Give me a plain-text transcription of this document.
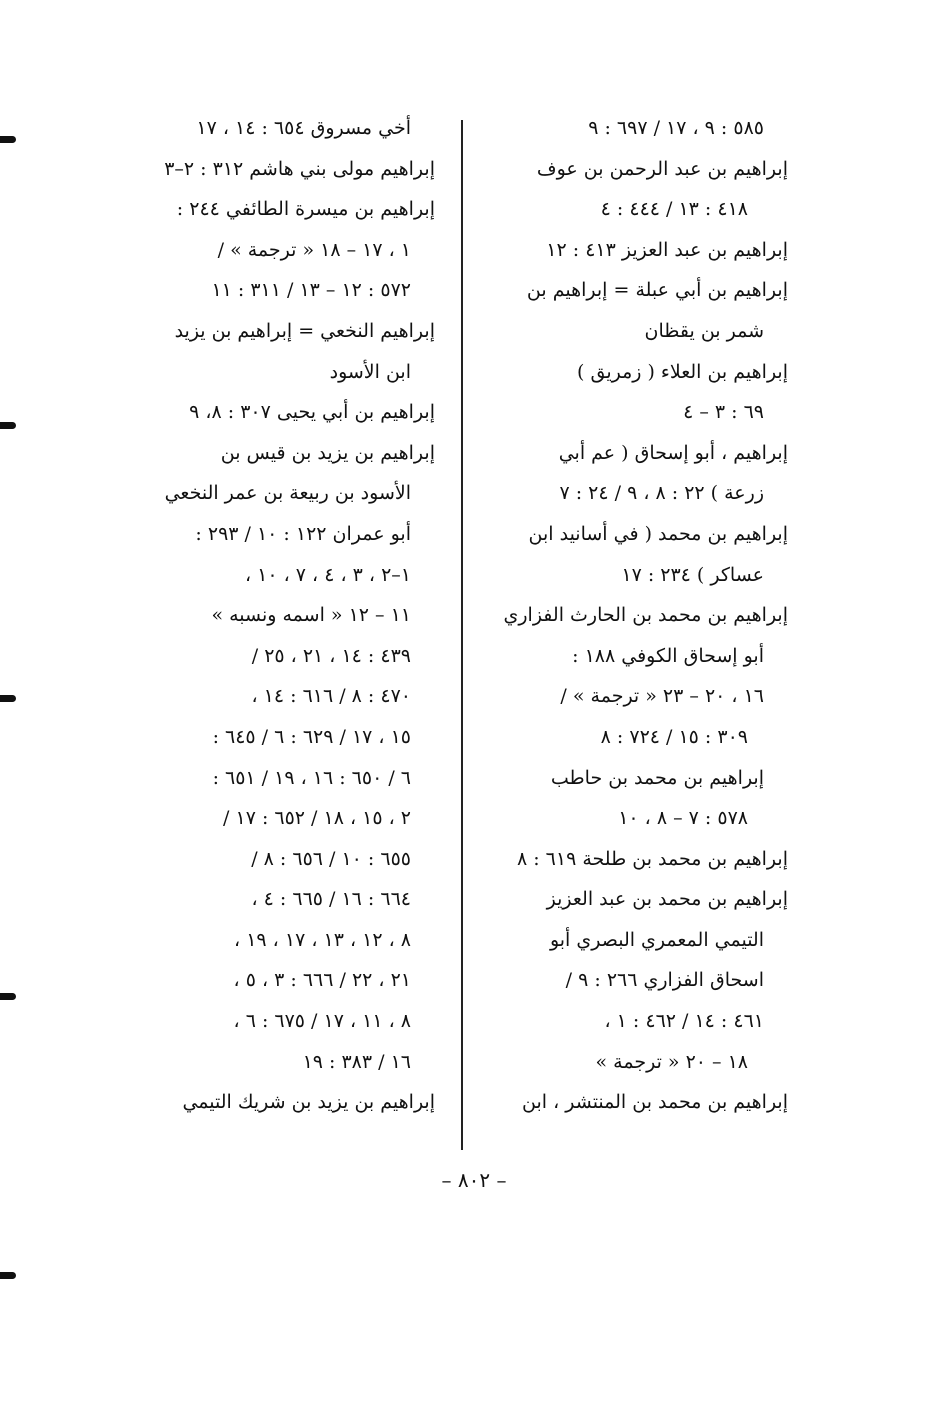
٥٨٥ : ٩ ، ١٧ / ٦٩٧ : ٩
إبراهيم بن عبد الرحمن بن عوف
٤١٨ : ١٣ / ٤٤٤ : ٤
إبراهيم بن عبد العزيز ٤١٣ : ١٢
إبراهيم بن أبي عبلة = إبراهيم بن
شمر بن يقظان
إبراهيم بن العلاء ( زمريق )
٦٩ : ٣ – ٤
إبراهيم ، أبو إسحاق ( عم أبي
زرعة ) ٢٢ : ٨ ، ٩ / ٢٤ : ٧
إبراهيم بن محمد ( في أسانيد ابن
عساكر ) ٢٣٤ : ١٧
إبراهيم بن محمد بن الحارث الفزاري
أبو إسحاق الكوفي ١٨٨ :
١٦ ، ٢٠ – ٢٣ « ترجمة » /
٣٠٩ : ١٥ / ٧٢٤ : ٨
إبراهيم بن محمد بن حاطب
٥٧٨ : ٧ – ٨ ، ١٠
إبراهيم بن محمد بن طلحة ٦١٩ : ٨
إبراهيم بن محمد بن عبد العزيز
التيمي المعمري البصري أبو
اسحاق الفزاري ٢٦٦ : ٩ /
٤٦١ : ١٤ / ٤٦٢ : ١ ،
١٨ – ٢٠ « ترجمة »
إبراهيم بن محمد بن المنتشر ، ابن
أخي مسروق ٦٥٤ : ١٤ ، ١٧
إبراهيم مولى بني هاشم ٣١٢ : ٢–٣
إبراهيم بن ميسرة الطائفي ٢٤٤ :
١ ، ١٧ – ١٨ « ترجمة » /
٥٧٢ : ١٢ – ١٣ / ٣١١ : ١١
إبراهيم النخعي = إبراهيم بن يزيد
ابن الأسود
إبراهيم بن أبي يحيى ٣٠٧ : ٨، ٩
إبراهيم بن يزيد بن قيس بن
الأسود بن ربيعة بن عمر النخعي
أبو عمران ١٢٢ : ١٠ / ٢٩٣ :
١–٢ ، ٣ ، ٤ ، ٧ ، ١٠ ،
١١ – ١٢ « اسمه ونسبه »
٤٣٩ : ١٤ ، ٢١ ، ٢٥ /
٤٧٠ : ٨ / ٦١٦ : ١٤ ،
١٥ ، ١٧ / ٦٢٩ : ٦ / ٦٤٥ :
٦ / ٦٥٠ : ١٦ ، ١٩ / ٦٥١ :
٢ ، ١٥ ، ١٨ / ٦٥٢ : ١٧ /
٦٥٥ : ١٠ / ٦٥٦ : ٨ /
٦٦٤ : ١٦ / ٦٦٥ : ٤ ،
٨ ، ١٢ ، ١٣ ، ١٧ ، ١٩ ،
٢١ ، ٢٢ / ٦٦٦ : ٣ ، ٥ ،
٨ ، ١١ ، ١٧ / ٦٧٥ : ٦ ،
١٦ / ٣٨٣ : ١٩
إبراهيم بن يزيد بن شريك التيمي
– ٨٠٢ –
